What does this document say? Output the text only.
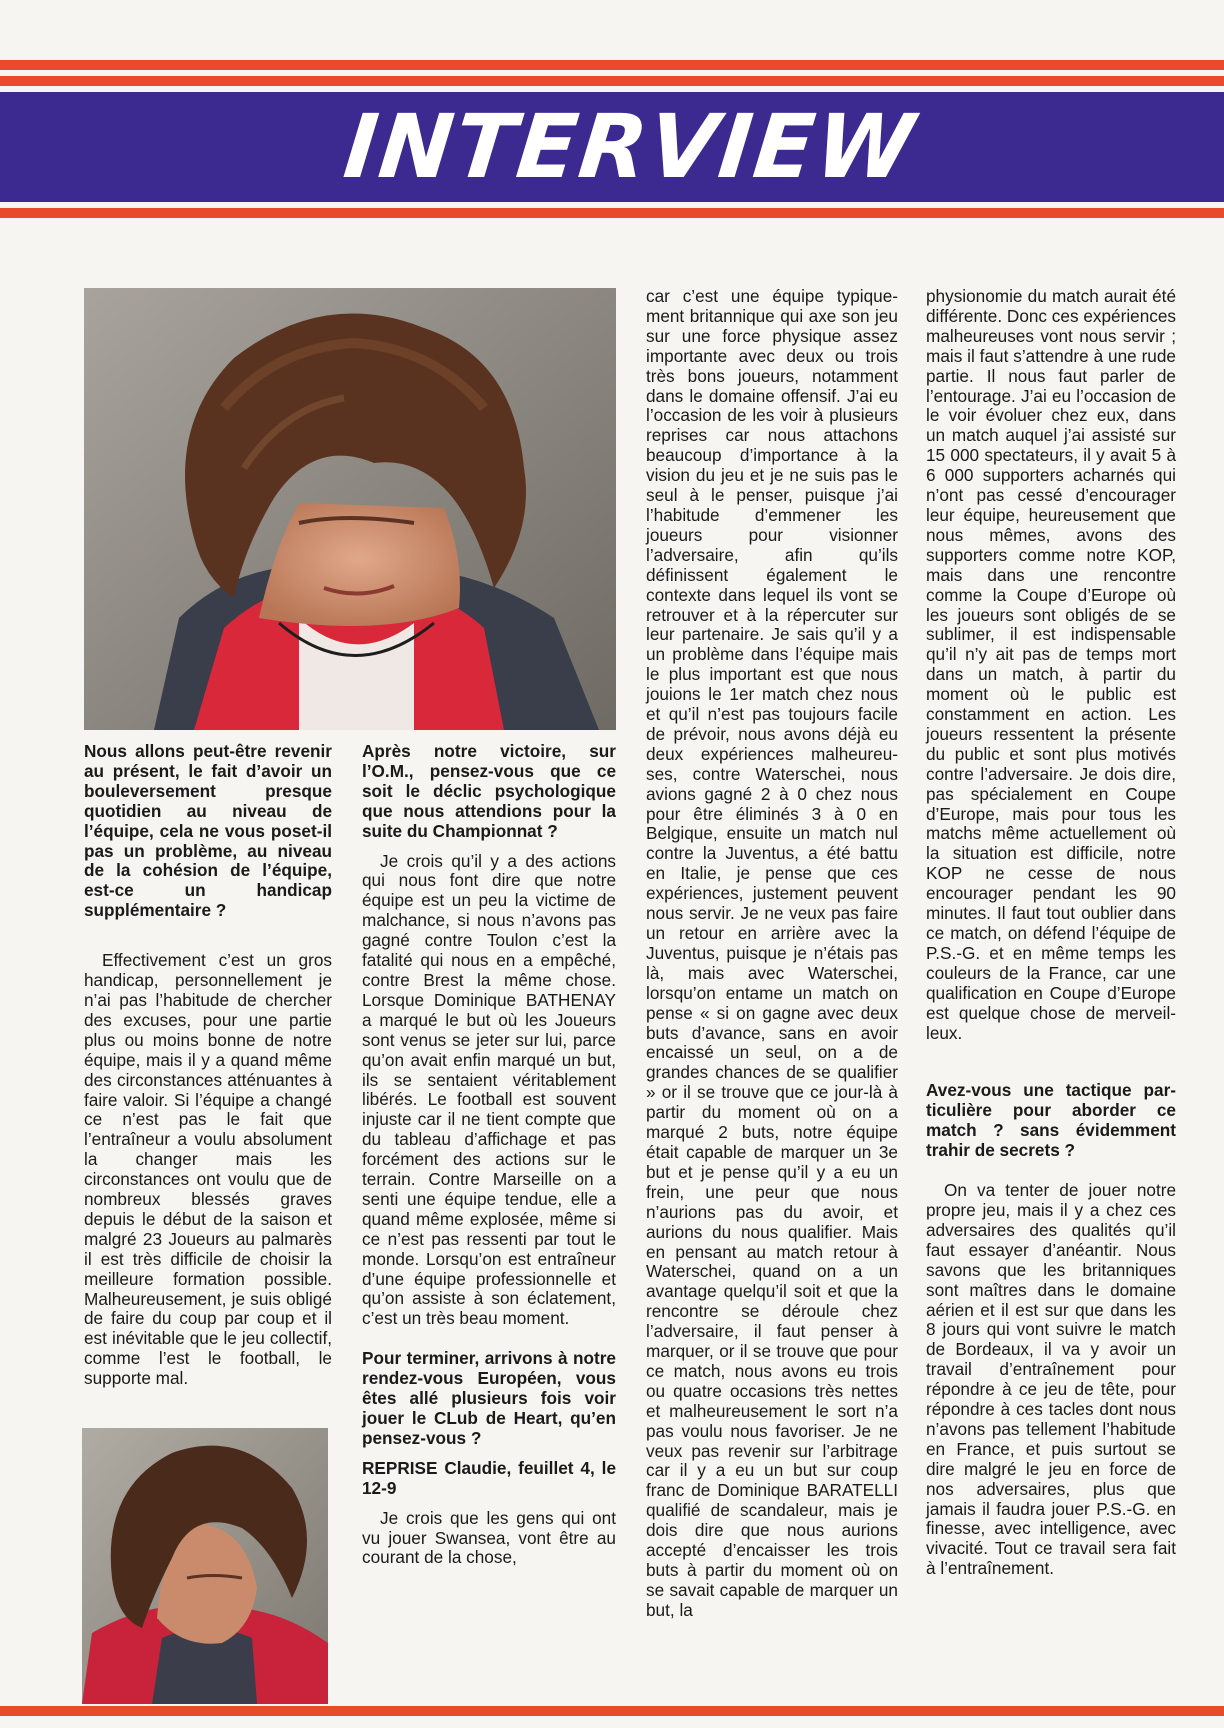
INTERVIEW

Nous allons peut-être revenir au présent, le fait d’avoir un bouleversement presque quotidien au niveau de l’équipe, cela ne vous poset-il pas un problème, au niveau de la cohésion de l’équipe, est-ce un handicap supplémentaire ?

Effectivement c’est un gros handicap, personnellement je n’ai pas l’habitude de chercher des excuses, pour une partie plus ou moins bonne de notre équipe, mais il y a quand même des circonstances atténuantes à faire valoir. Si l’équipe a changé ce n’est pas le fait que l’entraîneur a voulu absolument la changer mais les circonstances ont voulu que de nombreux blessés graves depuis le début de la saison et malgré 23 Joueurs au palmarès il est très difficile de choisir la meilleure formation possible. Malheureusement, je suis obligé de faire du coup par coup et il est inévitable que le jeu collectif, comme l’est le football, le supporte mal.

Après notre victoire, sur l’O.M., pensez-vous que ce soit le déclic psychologique que nous attendions pour la suite du Championnat ?

Je crois qu’il y a des actions qui nous font dire que notre équipe est un peu la victime de malchance, si nous n’avons pas gagné contre Toulon c’est la fatalité qui nous en a empêché, contre Brest la même chose. Lorsque Dominique BATHENAY a marqué le but où les Joueurs sont venus se jeter sur lui, parce qu’on avait enfin marqué un but, ils se sentaient véritablement libérés. Le football est souvent injuste car il ne tient compte que du tableau d’affichage et pas forcément des actions sur le terrain. Contre Marseille on a senti une équipe tendue, elle a quand même explosée, même si ce n’est pas ressenti par tout le monde. Lorsqu’on est entraîneur d’une équipe professionnelle et qu’on assiste à son éclatement, c’est un très beau moment.

Pour terminer, arrivons à notre rendez-vous Européen, vous êtes allé plusieurs fois voir jouer le CLub de Heart, qu’en pensez-vous ?

REPRISE Claudie, feuillet 4, le 12-9

Je crois que les gens qui ont vu jouer Swansea, vont être au courant de la chose,

car c’est une équipe typiquement britannique qui axe son jeu sur une force physique assez importante avec deux ou trois très bons joueurs, notamment dans le domaine offensif. J’ai eu l’occasion de les voir à plusieurs reprises car nous attachons beaucoup d’importance à la vision du jeu et je ne suis pas le seul à le penser, puisque j’ai l’habitude d’emmener les joueurs pour visionner l’adversaire, afin qu’ils définissent également le contexte dans lequel ils vont se retrouver et à la répercuter sur leur partenaire. Je sais qu’il y a un problème dans l’équipe mais le plus important est que nous jouions le 1er match chez nous et qu’il n’est pas toujours facile de prévoir, nous avons déjà eu deux expériences malheureuses, contre Waterschei, nous avions gagné 2 à 0 chez nous pour être éliminés 3 à 0 en Belgique, ensuite un match nul contre la Juventus, a été battu en Italie, je pense que ces expériences, justement peuvent nous servir. Je ne veux pas faire un retour en arrière avec la Juventus, puisque je n’étais pas là, mais avec Waterschei, lorsqu’on entame un match on pense « si on gagne avec deux buts d’avance, sans en avoir encaissé un seul, on a de grandes chances de se qualifier » or il se trouve que ce jour-là à partir du moment où on a marqué 2 buts, notre équipe était capable de marquer un 3e but et je pense qu’il y a eu un frein, une peur que nous n’aurions pas du avoir, et aurions du nous qualifier. Mais en pensant au match retour à Waterschei, quand on a un avantage quelqu’il soit et que la rencontre se déroule chez l’adversaire, il faut penser à marquer, or il se trouve que pour ce match, nous avons eu trois ou quatre occasions très nettes et malheureusement le sort n’a pas voulu nous favoriser. Je ne veux pas revenir sur l’arbitrage car il y a eu un but sur coup franc de Dominique BARATELLI qualifié de scandaleur, mais je dois dire que nous aurions accepté d’encaisser les trois buts à partir du moment où on se savait capable de marquer un but, la

physionomie du match aurait été différente. Donc ces expériences malheureuses vont nous servir ; mais il faut s’attendre à une rude partie. Il nous faut parler de l’entourage. J’ai eu l’occasion de le voir évoluer chez eux, dans un match auquel j’ai assisté sur 15 000 spectateurs, il y avait 5 à 6 000 supporters acharnés qui n’ont pas cessé d’encourager leur équipe, heureusement que nous mêmes, avons des supporters comme notre KOP, mais dans une rencontre comme la Coupe d’Europe où les joueurs sont obligés de se sublimer, il est indispensable qu’il n’y ait pas de temps mort dans un match, à partir du moment où le public est constamment en action. Les joueurs ressentent la présente du public et sont plus motivés contre l’adversaire. Je dois dire, pas spécialement en Coupe d’Europe, mais pour tous les matchs même actuellement où la situation est difficile, notre KOP ne cesse de nous encourager pendant les 90 minutes. Il faut tout oublier dans ce match, on défend l’équipe de P.S.-G. et en même temps les couleurs de la France, car une qualification en Coupe d’Europe est quelque chose de merveilleux.

Avez-vous une tactique particulière pour aborder ce match ? sans évidemment trahir de secrets ?

On va tenter de jouer notre propre jeu, mais il y a chez ces adversaires des qualités qu’il faut essayer d’anéantir. Nous savons que les britanniques sont maîtres dans le domaine aérien et il est sur que dans les 8 jours qui vont suivre le match de Bordeaux, il va y avoir un travail d’entraînement pour répondre à ce jeu de tête, pour répondre à ces tacles dont nous n’avons pas tellement l’habitude en France, et puis surtout se dire malgré le jeu en force de nos adversaires, plus que jamais il faudra jouer P.S.-G. en finesse, avec intelligence, avec vivacité. Tout ce travail sera fait à l’entraînement.
